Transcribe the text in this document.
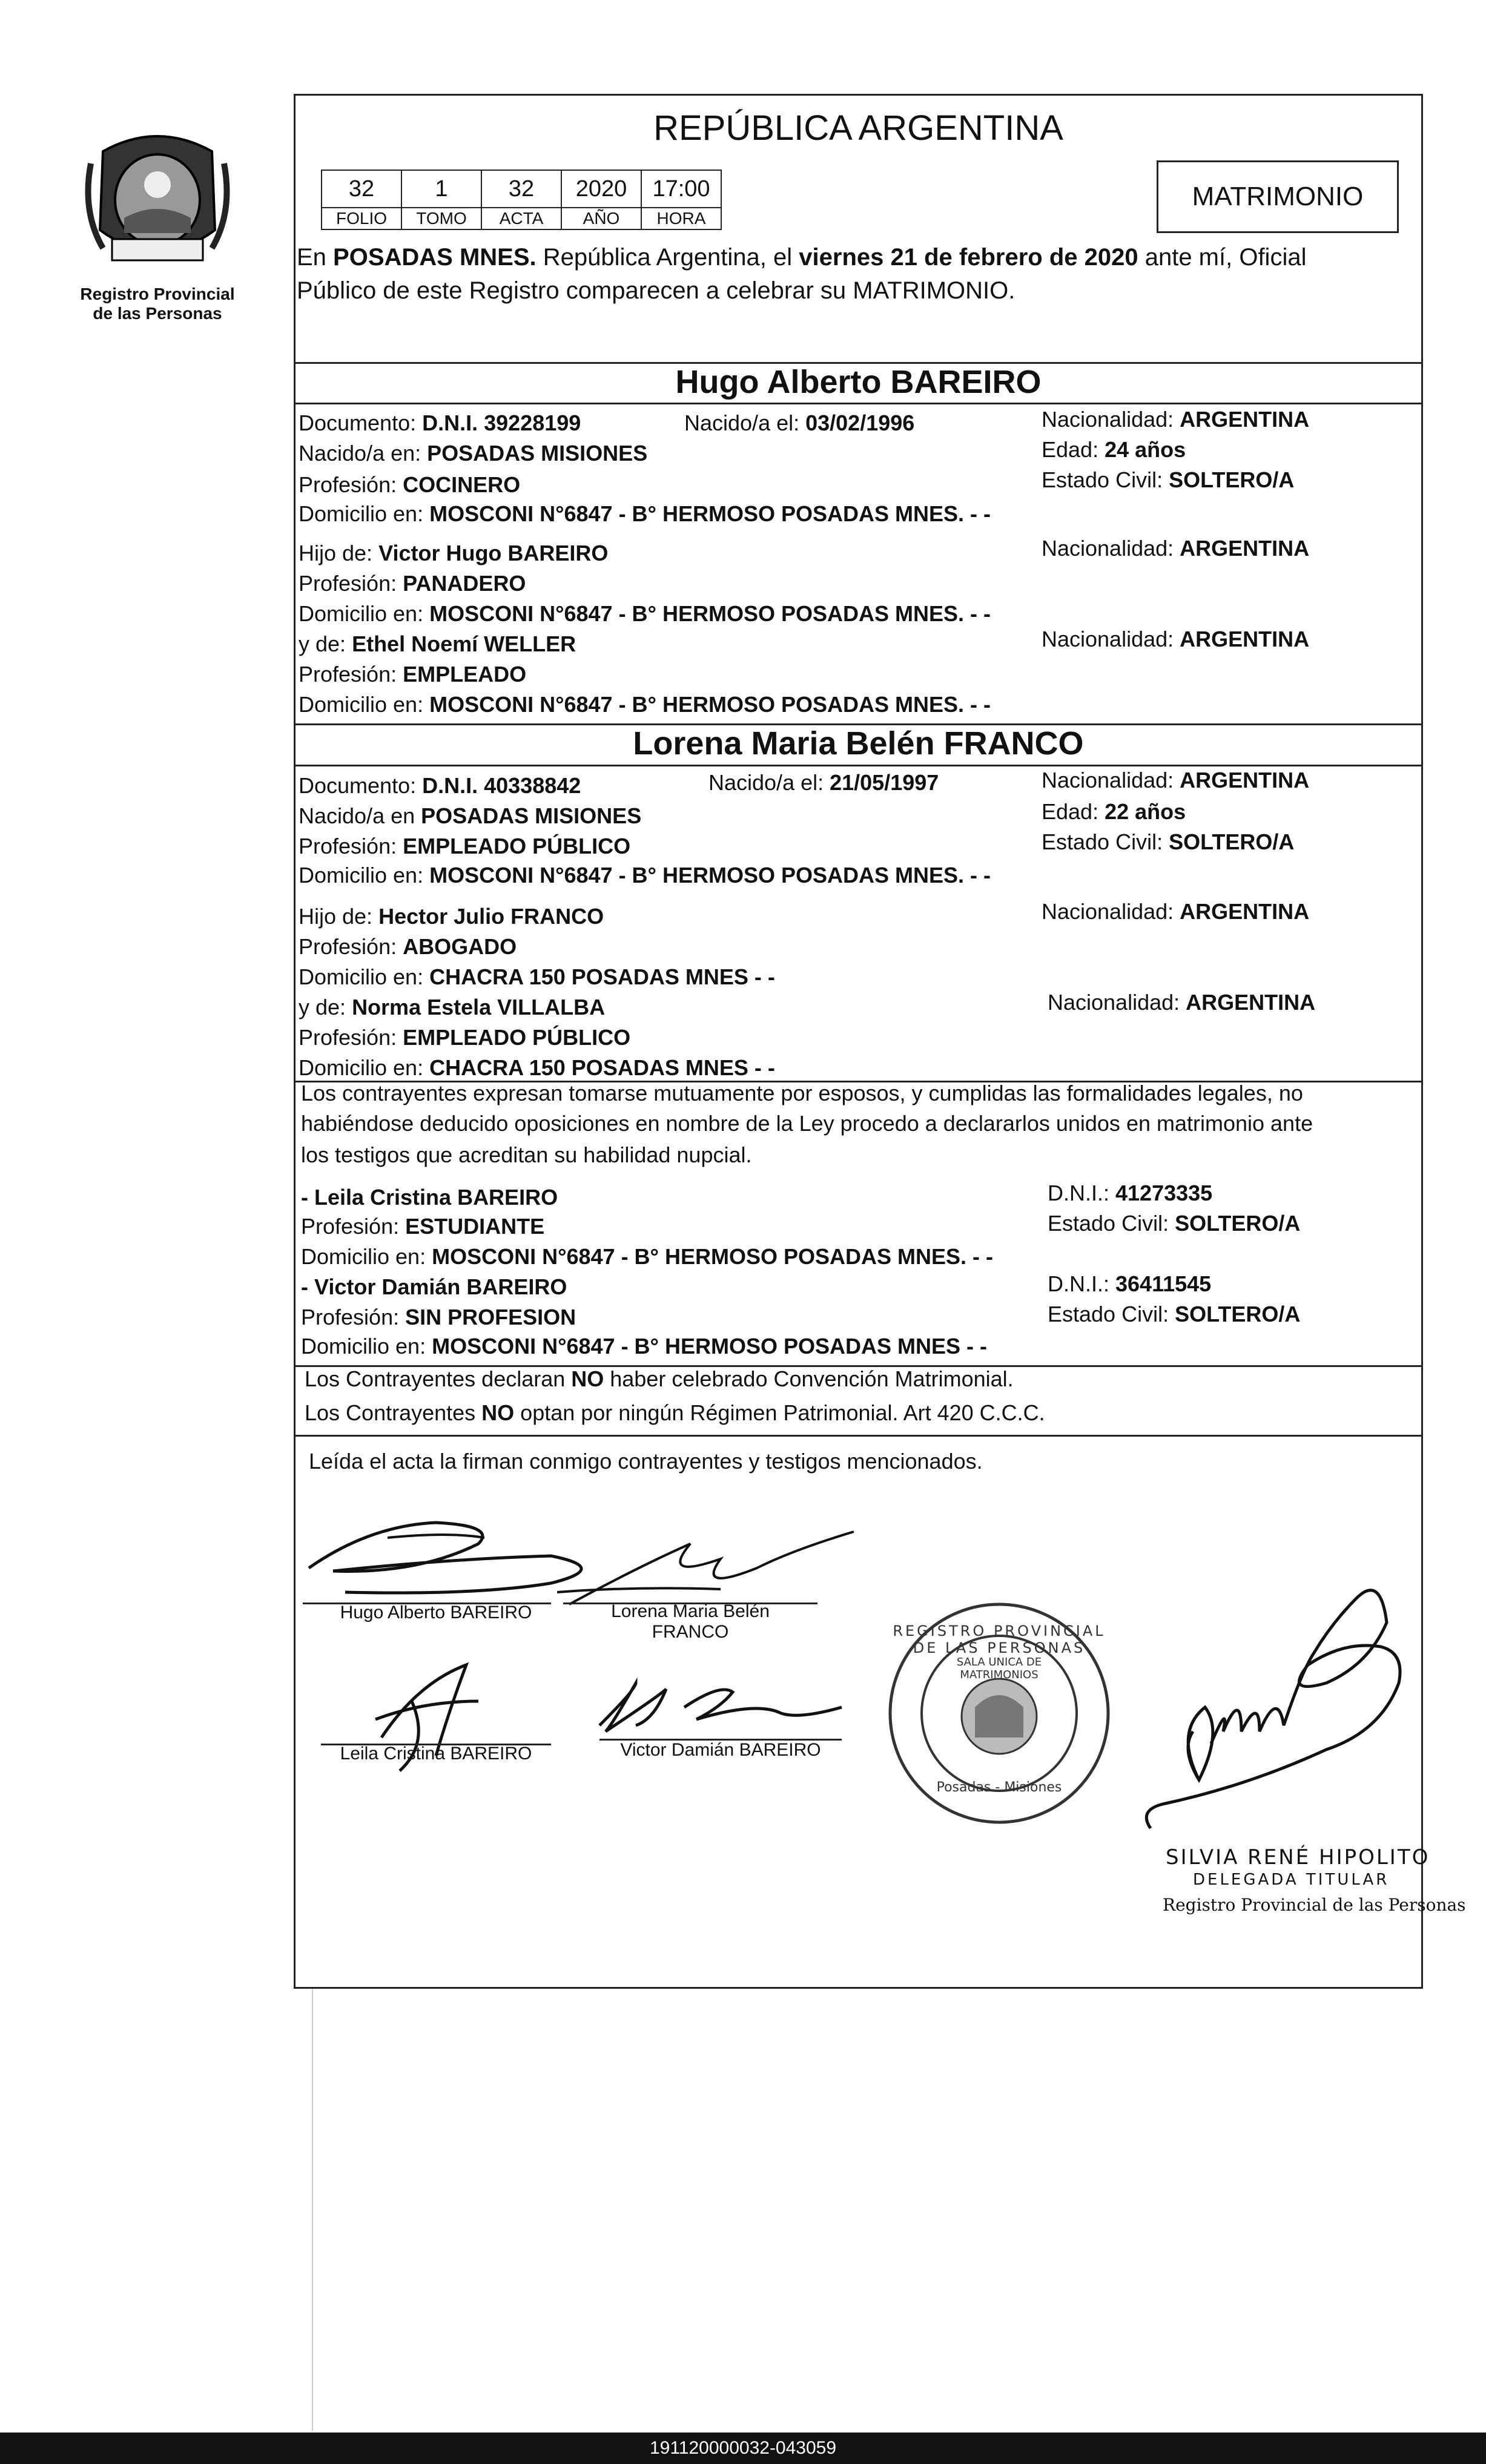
Registro Provincial
de las Personas
REPÚBLICA ARGENTINA
32	1	32	2020	17:00
FOLIO	TOMO	ACTA	AÑO	HORA
MATRIMONIO
En POSADAS MNES. República Argentina, el viernes 21 de febrero de 2020 ante mí, Oficial
Público de este Registro comparecen a celebrar su MATRIMONIO.
Hugo Alberto BAREIRO
Documento: D.N.I. 39228199	Nacido/a el: 03/02/1996	Nacionalidad: ARGENTINA
Nacido/a en: POSADAS MISIONES	Edad: 24 años
Profesión: COCINERO	Estado Civil: SOLTERO/A
Domicilio en: MOSCONI N°6847 - B° HERMOSO POSADAS MNES. - -
Hijo de: Victor Hugo BAREIRO	Nacionalidad: ARGENTINA
Profesión: PANADERO
Domicilio en: MOSCONI N°6847 - B° HERMOSO POSADAS MNES. - -
y de: Ethel Noemí WELLER	Nacionalidad: ARGENTINA
Profesión: EMPLEADO
Domicilio en: MOSCONI N°6847 - B° HERMOSO POSADAS MNES. - -
Lorena Maria Belén FRANCO
Documento: D.N.I. 40338842	Nacido/a el: 21/05/1997	Nacionalidad: ARGENTINA
Nacido/a en POSADAS MISIONES	Edad: 22 años
Profesión: EMPLEADO PÚBLICO	Estado Civil: SOLTERO/A
Domicilio en: MOSCONI N°6847 - B° HERMOSO POSADAS MNES. - -
Hijo de: Hector Julio FRANCO	Nacionalidad: ARGENTINA
Profesión: ABOGADO
Domicilio en: CHACRA 150 POSADAS MNES - -
y de: Norma Estela VILLALBA	Nacionalidad: ARGENTINA
Profesión: EMPLEADO PÚBLICO
Domicilio en: CHACRA 150 POSADAS MNES - -
Los contrayentes expresan tomarse mutuamente por esposos, y cumplidas las formalidades legales, no
habiéndose deducido oposiciones en nombre de la Ley procedo a declararlos unidos en matrimonio ante
los testigos que acreditan su habilidad nupcial.
- Leila Cristina BAREIRO	D.N.I.: 41273335
Profesión: ESTUDIANTE	Estado Civil: SOLTERO/A
Domicilio en: MOSCONI N°6847 - B° HERMOSO POSADAS MNES. - -
- Victor Damián BAREIRO	D.N.I.: 36411545
Profesión: SIN PROFESION	Estado Civil: SOLTERO/A
Domicilio en: MOSCONI N°6847 - B° HERMOSO POSADAS MNES - -
Los Contrayentes declaran NO haber celebrado Convención Matrimonial.
Los Contrayentes NO optan por ningún Régimen Patrimonial. Art 420 C.C.C.
Leída el acta la firman conmigo contrayentes y testigos mencionados.
Hugo Alberto BAREIRO	Lorena Maria Belén
FRANCO
Leila Cristina BAREIRO	Victor Damián BAREIRO
REGISTRO PROVINCIAL DE LAS PERSONAS
SALA UNICA DE MATRIMONIOS
Posadas - Misiones
SILVIA RENÉ HIPOLITO
DELEGADA TITULAR
Registro Provincial de las Personas
191120000032-043059
